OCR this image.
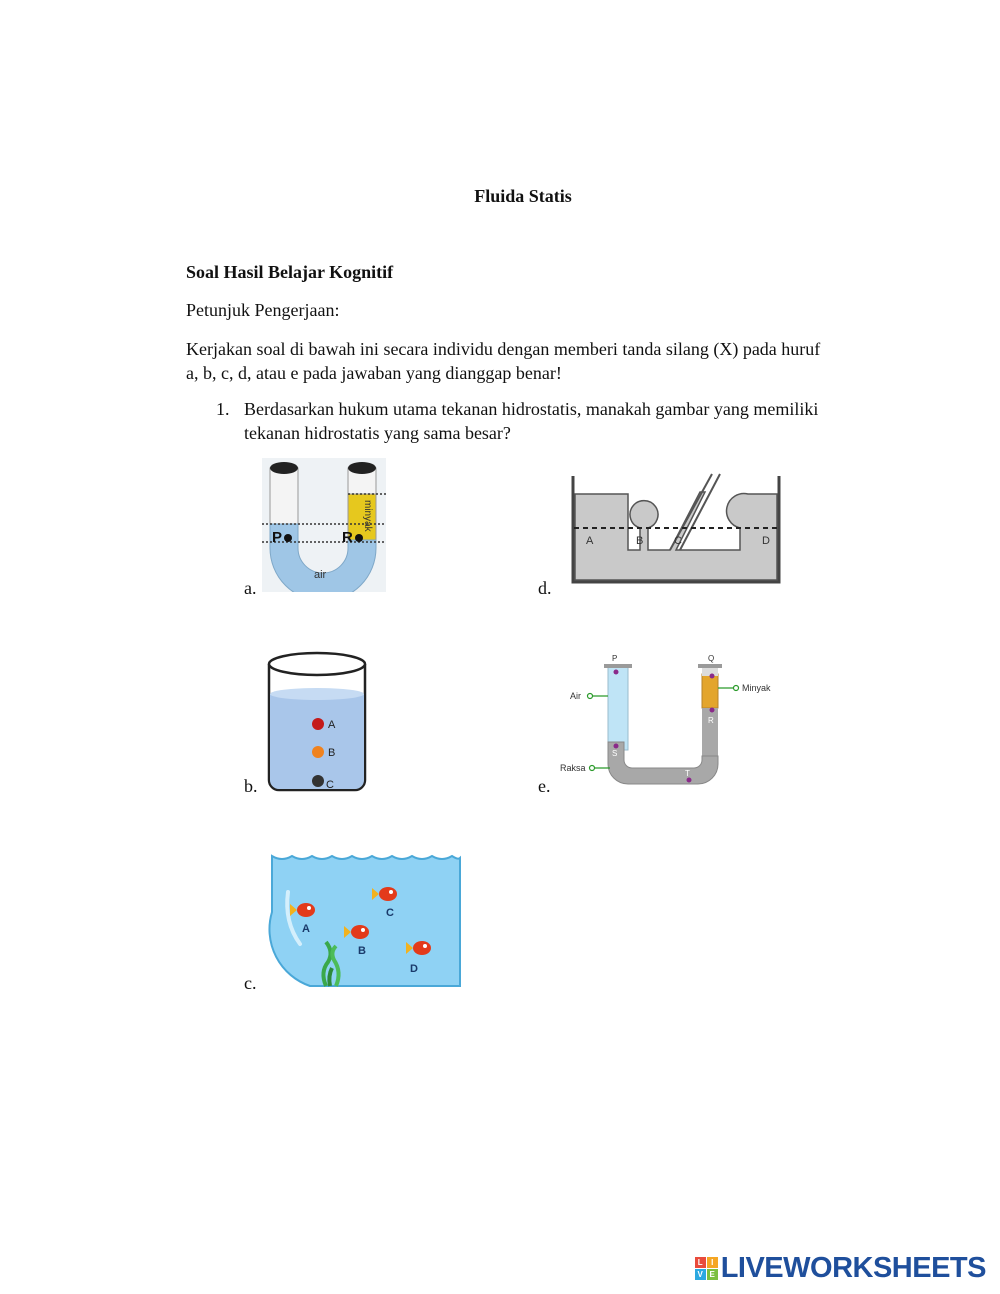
Fluida Statis
Soal Hasil Belajar Kognitif
Petunjuk Pengerjaan:
Kerjakan soal di bawah ini secara individu dengan memberi tanda silang (X) pada huruf
a, b, c, d, atau e pada jawaban yang dianggap benar!
1. Berdasarkan hukum utama tekanan hidrostatis, manakah gambar yang memiliki
tekanan hidrostatis yang sama besar?
a.	d.
b.	e.
c.
P	R
air
minyak
A	B	C	D
A
B
C
P	Q
Air
Minyak
Raksa
S
R
T
A
B
C
D
L	I
V E LIVEWORKSHEETS
